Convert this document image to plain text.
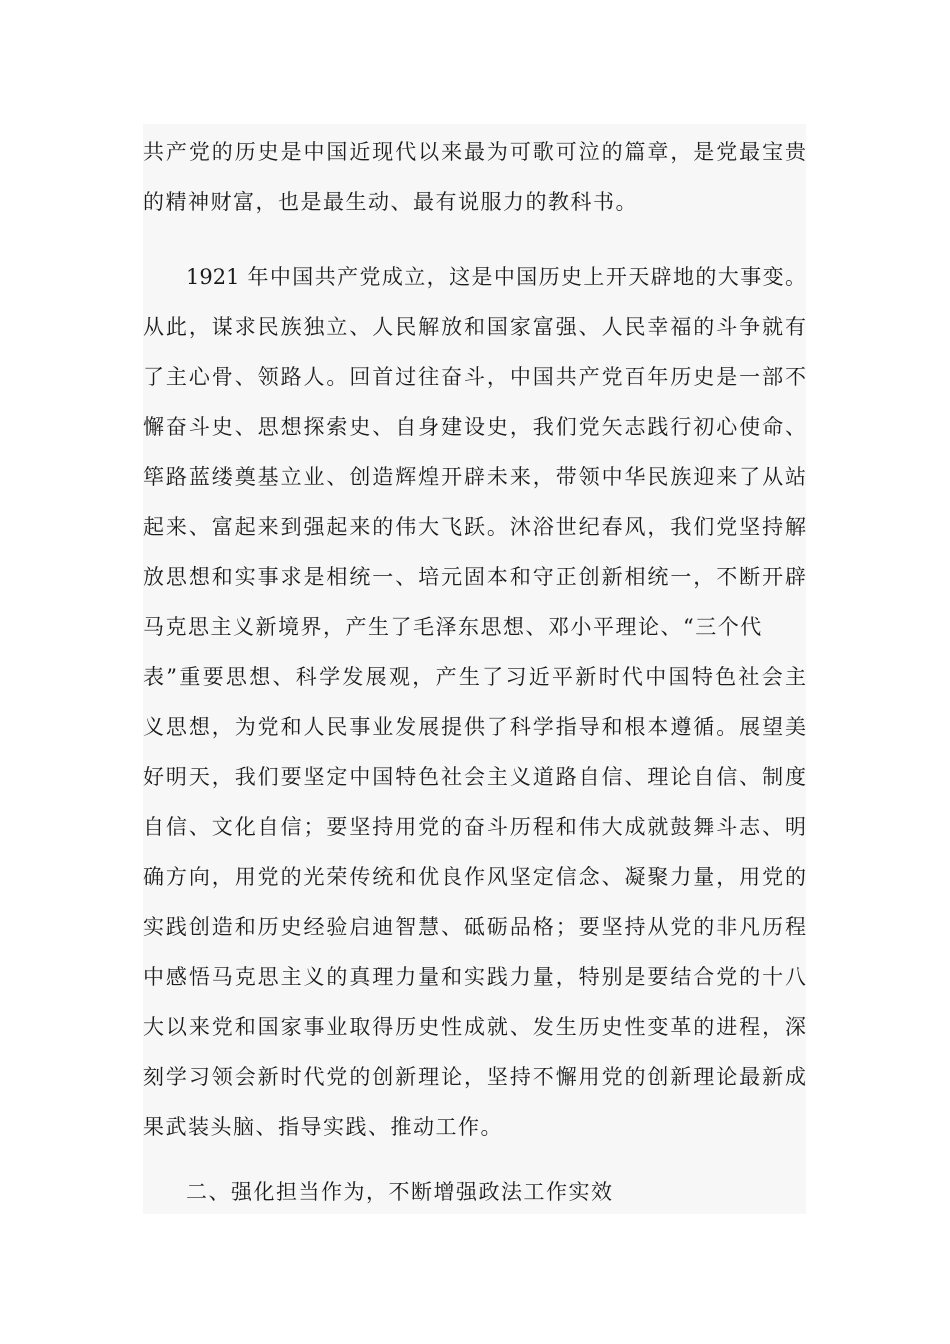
共产党的历史是中国近现代以来最为可歌可泣的篇章，是党最宝贵
的精神财富，也是最生动、最有说服力的教科书。
1921 年中国共产党成立，这是中国历史上开天辟地的大事变。
从此，谋求民族独立、人民解放和国家富强、人民幸福的斗争就有
了主心骨、领路人。回首过往奋斗，中国共产党百年历史是一部不
懈奋斗史、思想探索史、自身建设史，我们党矢志践行初心使命、
筚路蓝缕奠基立业、创造辉煌开辟未来，带领中华民族迎来了从站
起来、富起来到强起来的伟大飞跃。沐浴世纪春风，我们党坚持解
放思想和实事求是相统一、培元固本和守正创新相统一，不断开辟
马克思主义新境界，产生了毛泽东思想、邓小平理论、“三个代
表”重要思想、科学发展观，产生了习近平新时代中国特色社会主
义思想，为党和人民事业发展提供了科学指导和根本遵循。展望美
好明天，我们要坚定中国特色社会主义道路自信、理论自信、制度
自信、文化自信；要坚持用党的奋斗历程和伟大成就鼓舞斗志、明
确方向，用党的光荣传统和优良作风坚定信念、凝聚力量，用党的
实践创造和历史经验启迪智慧、砥砺品格；要坚持从党的非凡历程
中感悟马克思主义的真理力量和实践力量，特别是要结合党的十八
大以来党和国家事业取得历史性成就、发生历史性变革的进程，深
刻学习领会新时代党的创新理论，坚持不懈用党的创新理论最新成
果武装头脑、指导实践、推动工作。
二、强化担当作为，不断增强政法工作实效
